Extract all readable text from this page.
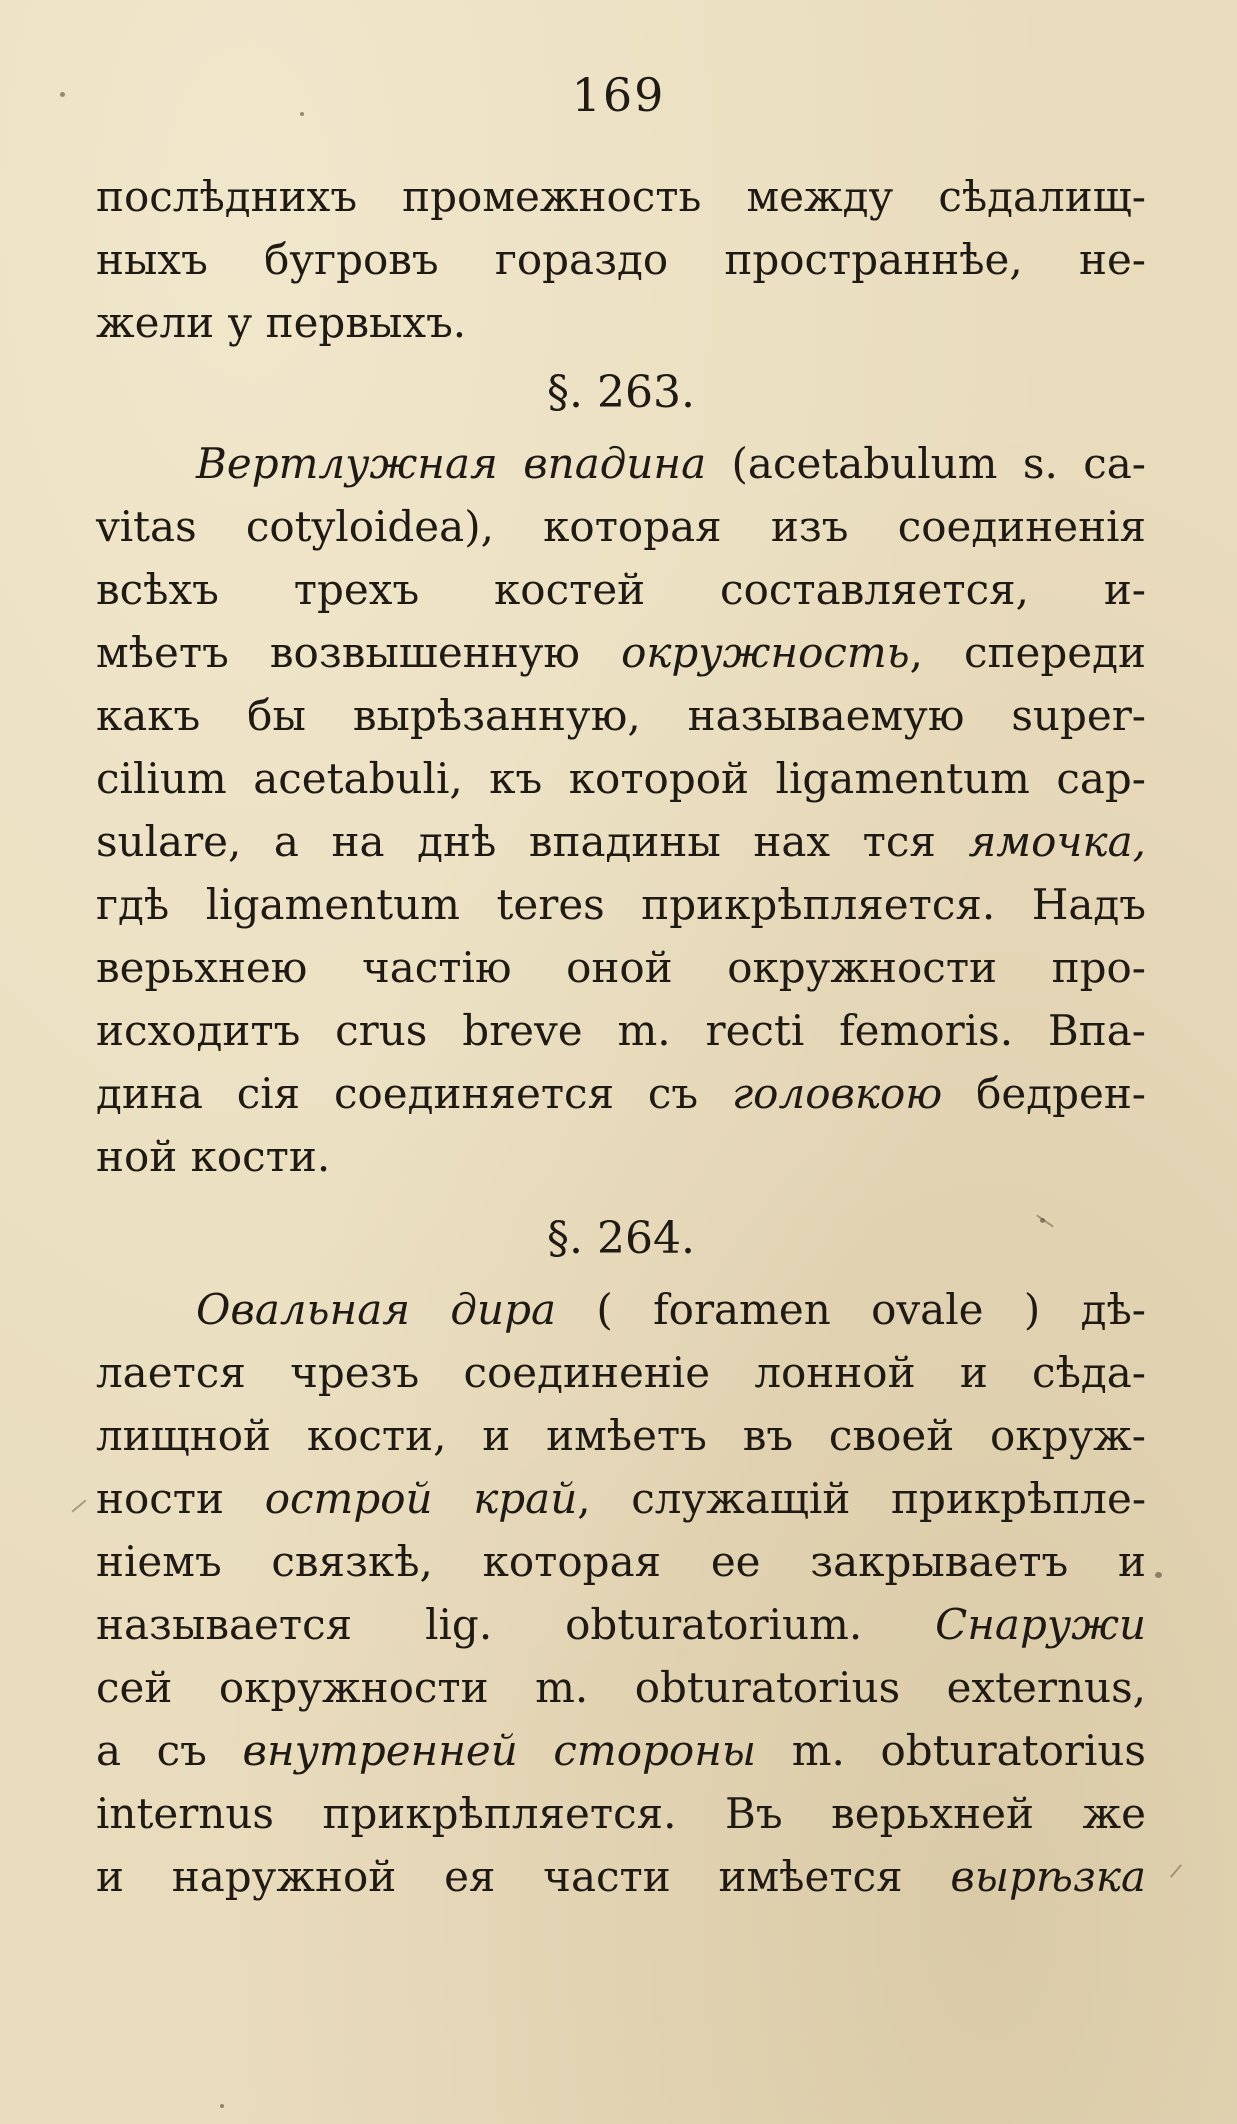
169
послѣднихъ промежность между сѣдалищ-
ныхъ бугровъ гораздо пространнѣе, не-
жели у первыхъ.
§. 263.
Вертлужная впадина (acetabulum s. ca-
vitas cotyloidea), которая изъ соединенія
всѣхъ трехъ костей составляется, и-
мѣетъ возвышенную окружность, спереди
какъ бы вырѣзанную, называемую super-
cilium acetabuli, къ которой ligamentum cap-
sulare, а на днѣ впадины нах тся ямочка,
гдѣ ligamentum teres прикрѣпляется. Надъ
верьхнею частію оной окружности про-
исходитъ crus breve m. recti femoris. Впа-
дина сія соединяется съ головкою бедрен-
ной кости.
§. 264.
Овальная дира ( foramen ovale ) дѣ-
лается чрезъ соединеніе лонной и сѣда-
лищной кости, и имѣетъ въ своей окруж-
ности острой край, служащій прикрѣпле-
ніемъ связкѣ, которая ее закрываетъ и
называется lig. obturatorium. Снаружи
сей окружности m. obturatorius externus,
а съ внутренней стороны m. obturatorius
internus прикрѣпляется. Въ верьхней же
и наружной ея части имѣется вырѣзка
